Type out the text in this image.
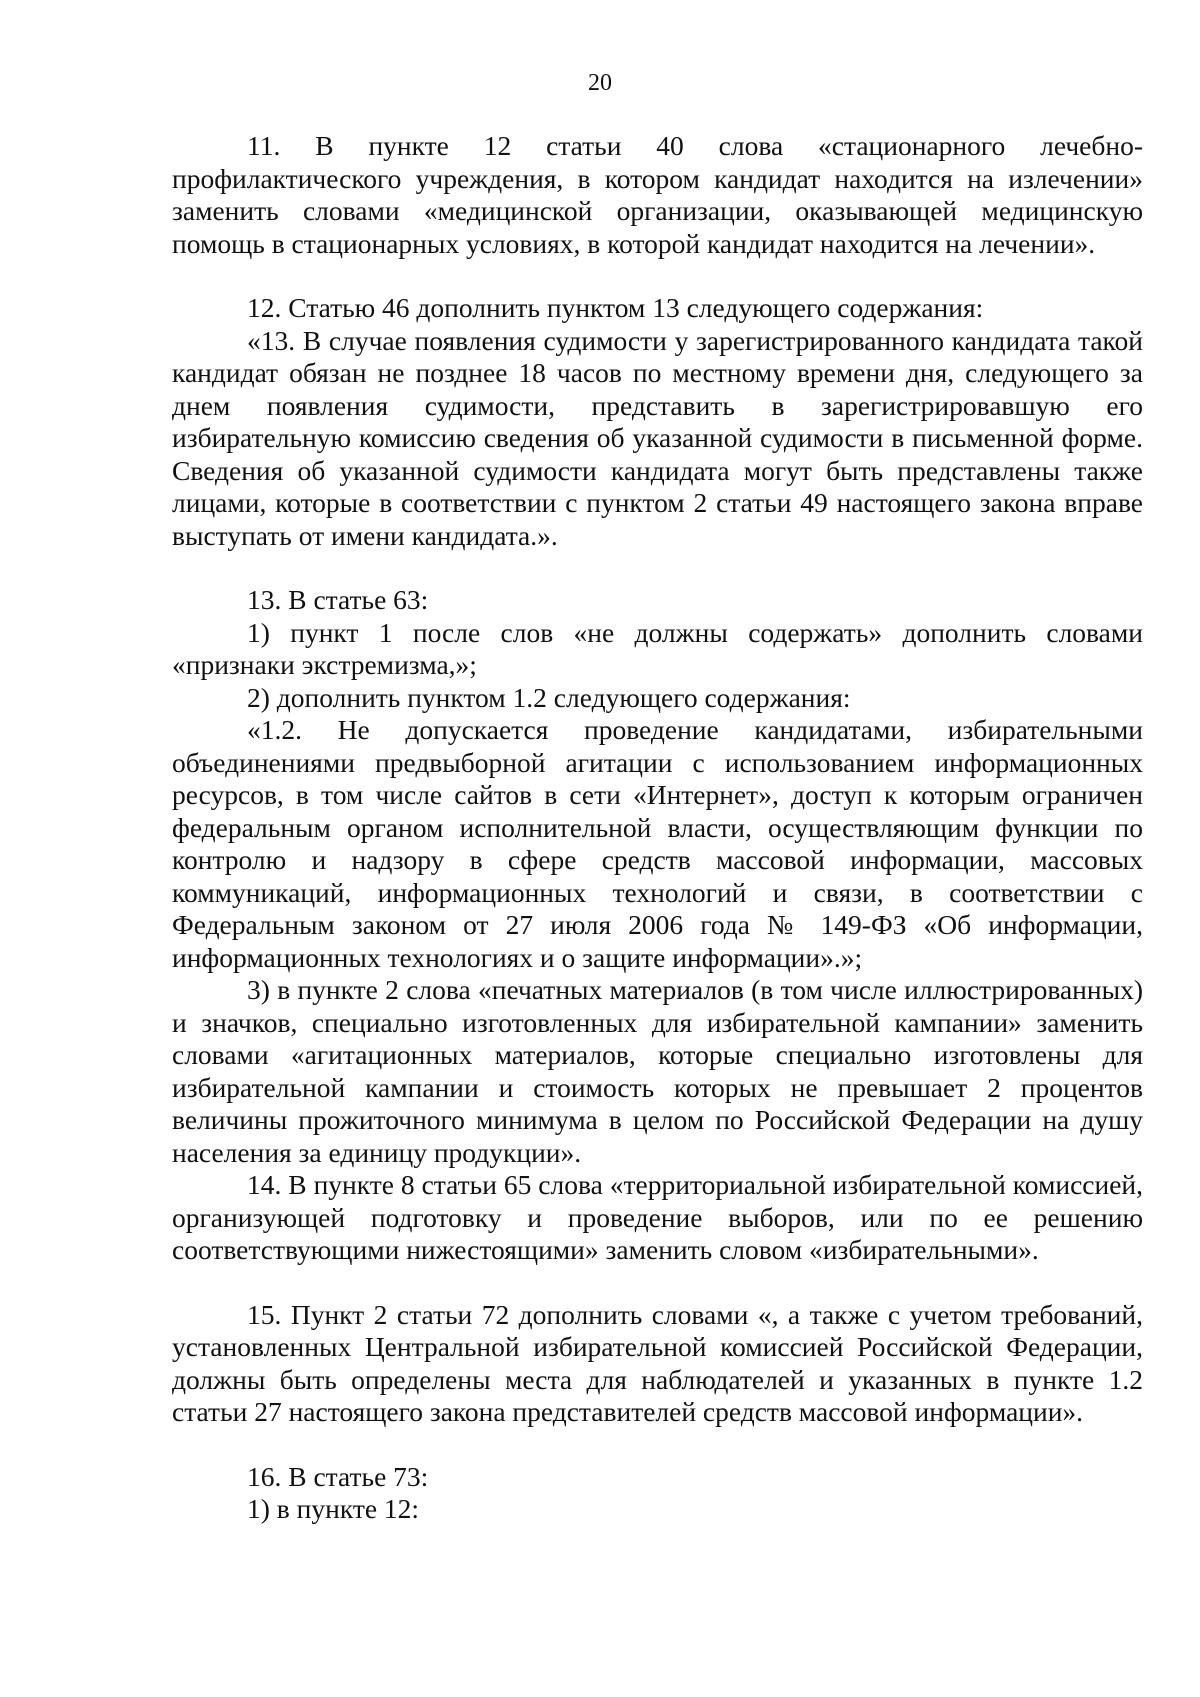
20

11. В пункте 12 статьи 40 слова «стационарного лечебно-профилактического учреждения, в котором кандидат находится на излечении» заменить словами «медицинской организации, оказывающей медицинскую помощь в стационарных условиях, в которой кандидат находится на лечении».

12. Статью 46 дополнить пунктом 13 следующего содержания:

«13. В случае появления судимости у зарегистрированного кандидата такой кандидат обязан не позднее 18 часов по местному времени дня, следующего за днем появления судимости, представить в зарегистрировавшую его избирательную комиссию сведения об указанной судимости в письменной форме. Сведения об указанной судимости кандидата могут быть представлены также лицами, которые в соответствии с пунктом 2 статьи 49 настоящего закона вправе выступать от имени кандидата.».

13. В статье 63:

1) пункт 1 после слов «не должны содержать» дополнить словами «признаки экстремизма,»;

2) дополнить пунктом 1.2 следующего содержания:

«1.2. Не допускается проведение кандидатами, избирательными объединениями предвыборной агитации с использованием информационных ресурсов, в том числе сайтов в сети «Интернет», доступ к которым ограничен федеральным органом исполнительной власти, осуществляющим функции по контролю и надзору в сфере средств массовой информации, массовых коммуникаций, информационных технологий и связи, в соответствии с Федеральным законом от 27 июля 2006 года № 149-ФЗ «Об информации, информационных технологиях и о защите информации».»;

3) в пункте 2 слова «печатных материалов (в том числе иллюстрированных) и значков, специально изготовленных для избирательной кампании» заменить словами «агитационных материалов, которые специально изготовлены для избирательной кампании и стоимость которых не превышает 2 процентов величины прожиточного минимума в целом по Российской Федерации на душу населения за единицу продукции».

14. В пункте 8 статьи 65 слова «территориальной избирательной комиссией, организующей подготовку и проведение выборов, или по ее решению соответствующими нижестоящими» заменить словом «избирательными».

15. Пункт 2 статьи 72 дополнить словами «, а также с учетом требований, установленных Центральной избирательной комиссией Российской Федерации, должны быть определены места для наблюдателей и указанных в пункте 1.2 статьи 27 настоящего закона представителей средств массовой информации».

16. В статье 73:

1) в пункте 12:
